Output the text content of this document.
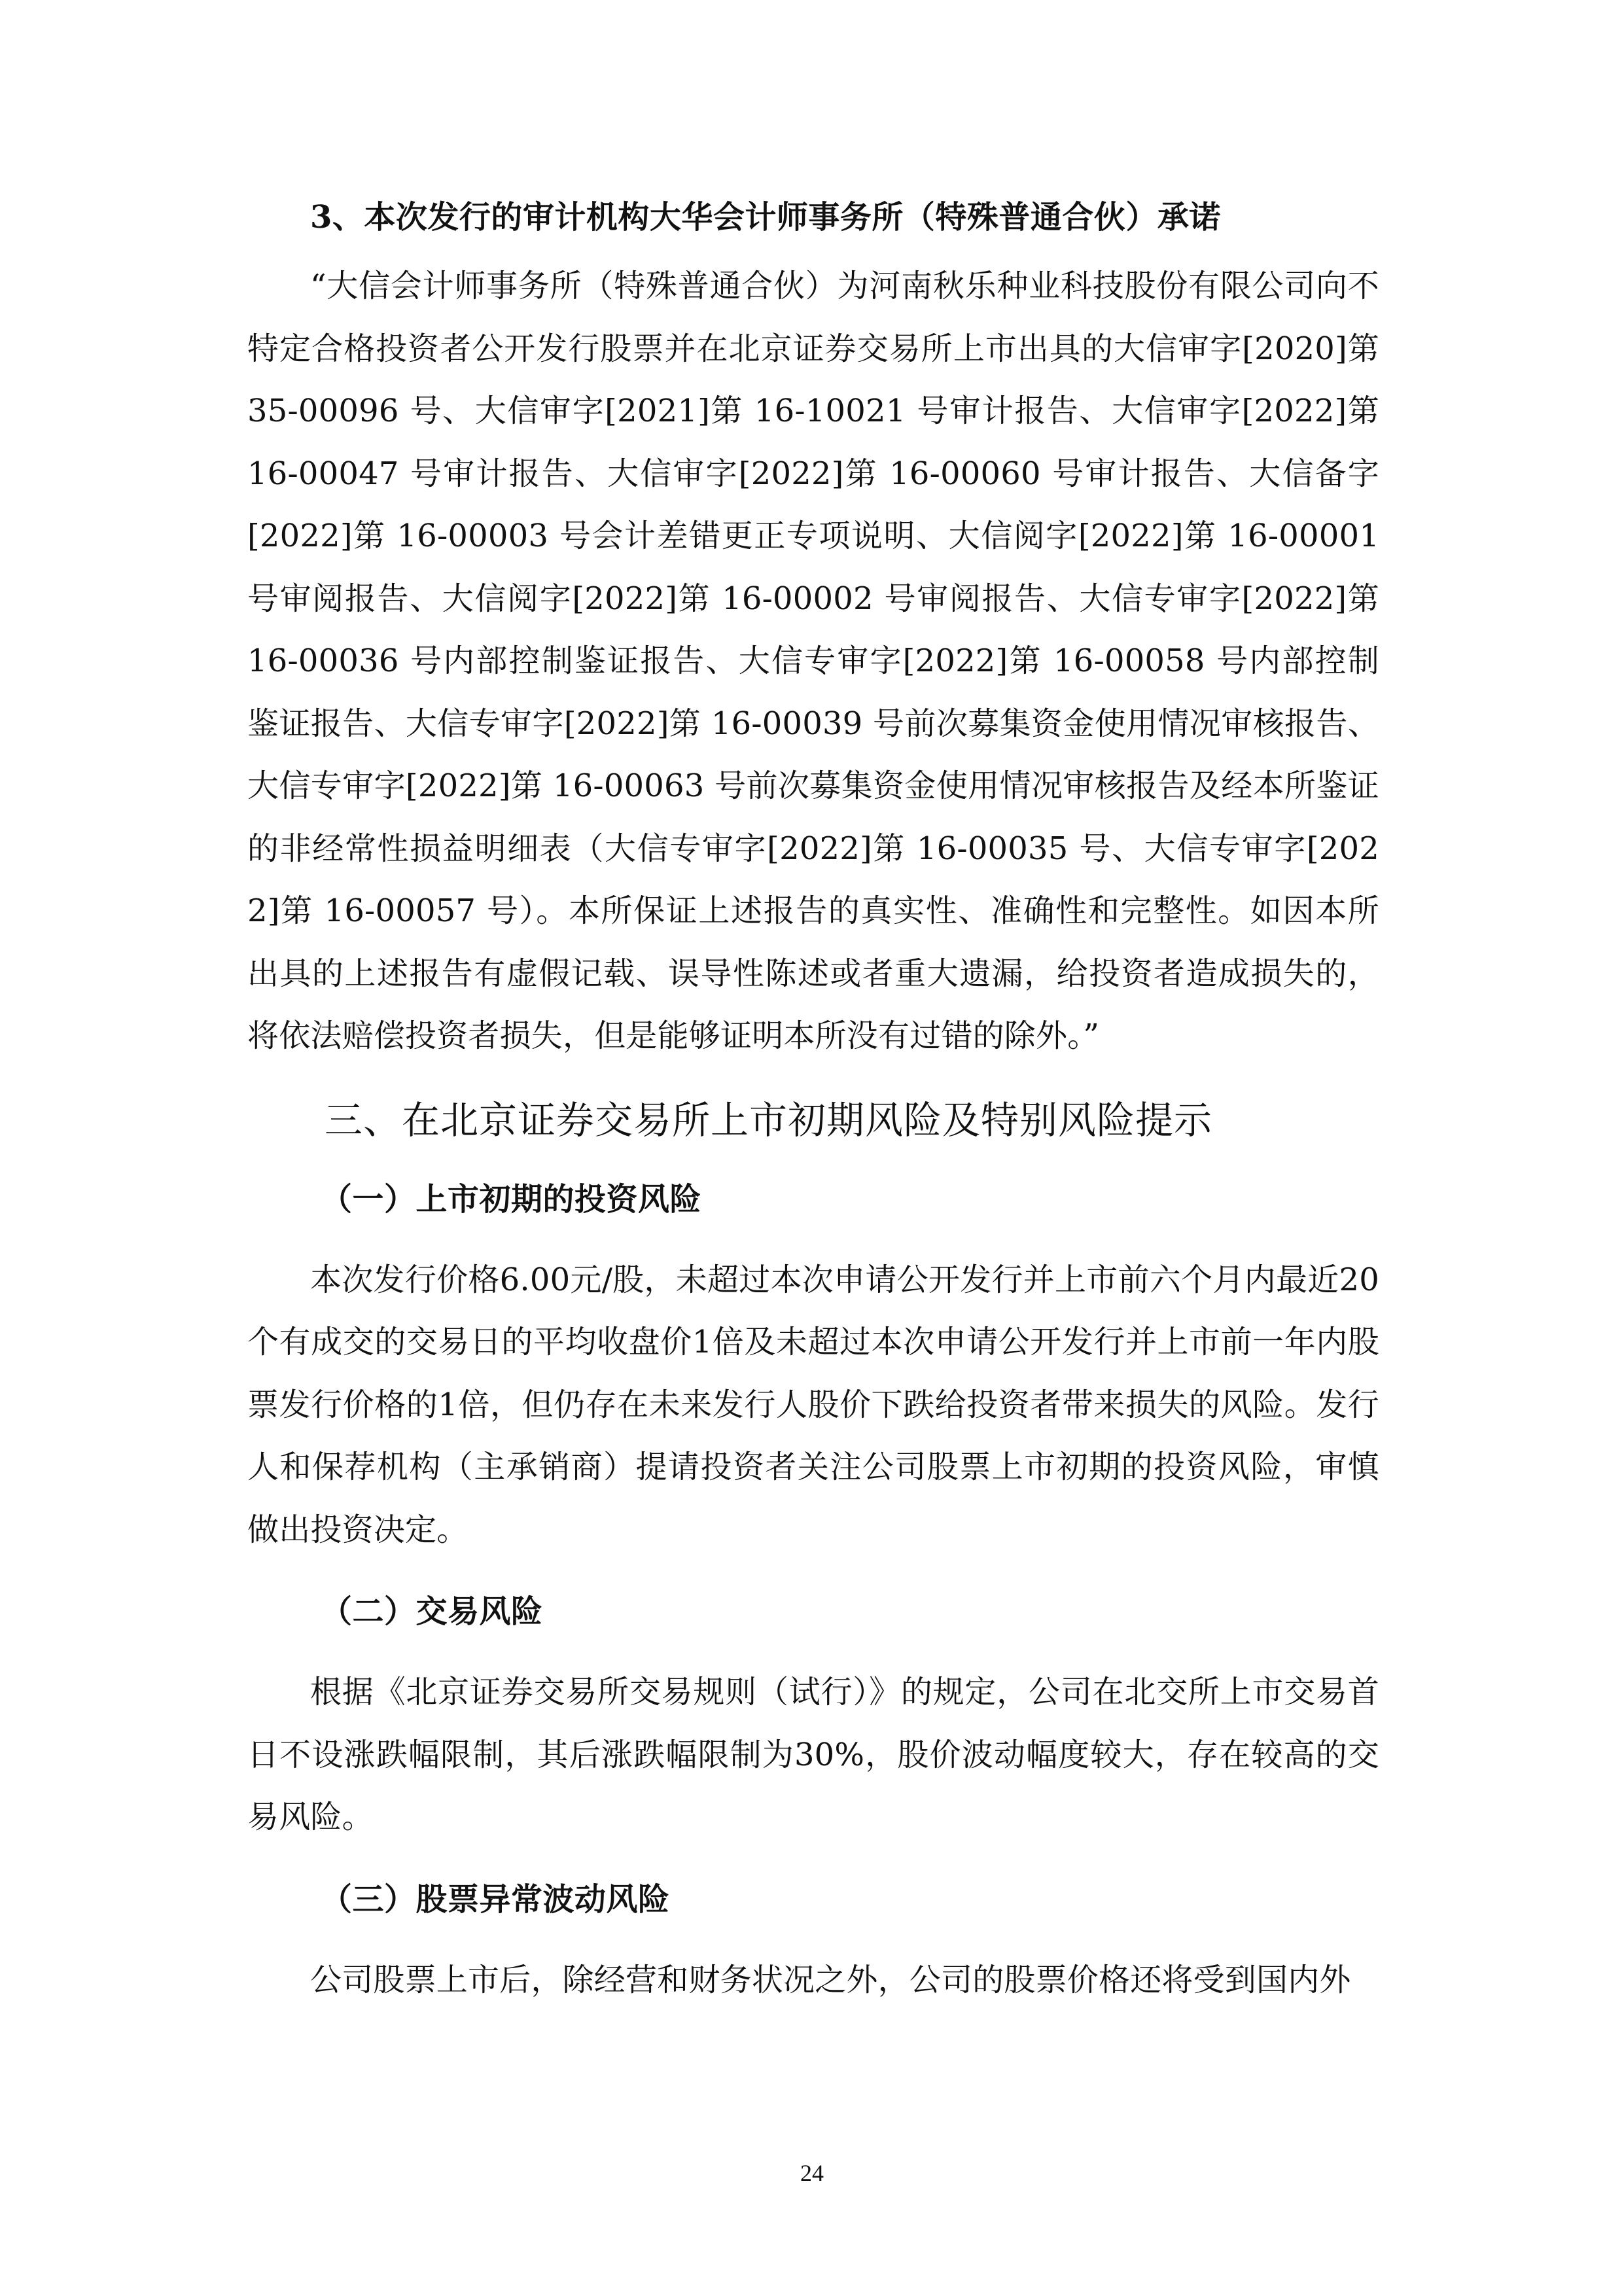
3、本次发行的审计机构大华会计师事务所（特殊普通合伙）承诺

“大信会计师事务所（特殊普通合伙）为河南秋乐种业科技股份有限公司向不特定合格投资者公开发行股票并在北京证券交易所上市出具的大信审字[2020]第 35-00096 号、大信审字[2021]第 16-10021 号审计报告、大信审字[2022]第 16-00047 号审计报告、大信审字[2022]第 16-00060 号审计报告、大信备字[2022]第 16-00003 号会计差错更正专项说明、大信阅字[2022]第 16-00001 号审阅报告、大信阅字[2022]第 16-00002 号审阅报告、大信专审字[2022]第 16-00036 号内部控制鉴证报告、大信专审字[2022]第 16-00058 号内部控制鉴证报告、大信专审字[2022]第 16-00039 号前次募集资金使用情况审核报告、大信专审字[2022]第 16-00063 号前次募集资金使用情况审核报告及经本所鉴证的非经常性损益明细表（大信专审字[2022]第 16-00035 号、大信专审字[2022]第 16-00057 号）。本所保证上述报告的真实性、准确性和完整性。如因本所出具的上述报告有虚假记载、误导性陈述或者重大遗漏，给投资者造成损失的，将依法赔偿投资者损失，但是能够证明本所没有过错的除外。”

三、在北京证券交易所上市初期风险及特别风险提示

（一）上市初期的投资风险

本次发行价格6.00元/股，未超过本次申请公开发行并上市前六个月内最近20个有成交的交易日的平均收盘价1倍及未超过本次申请公开发行并上市前一年内股票发行价格的1倍，但仍存在未来发行人股价下跌给投资者带来损失的风险。发行人和保荐机构（主承销商）提请投资者关注公司股票上市初期的投资风险，审慎做出投资决定。

（二）交易风险

根据《北京证券交易所交易规则（试行）》的规定，公司在北交所上市交易首日不设涨跌幅限制，其后涨跌幅限制为30%，股价波动幅度较大，存在较高的交易风险。

（三）股票异常波动风险

公司股票上市后，除经营和财务状况之外，公司的股票价格还将受到国内外

24
